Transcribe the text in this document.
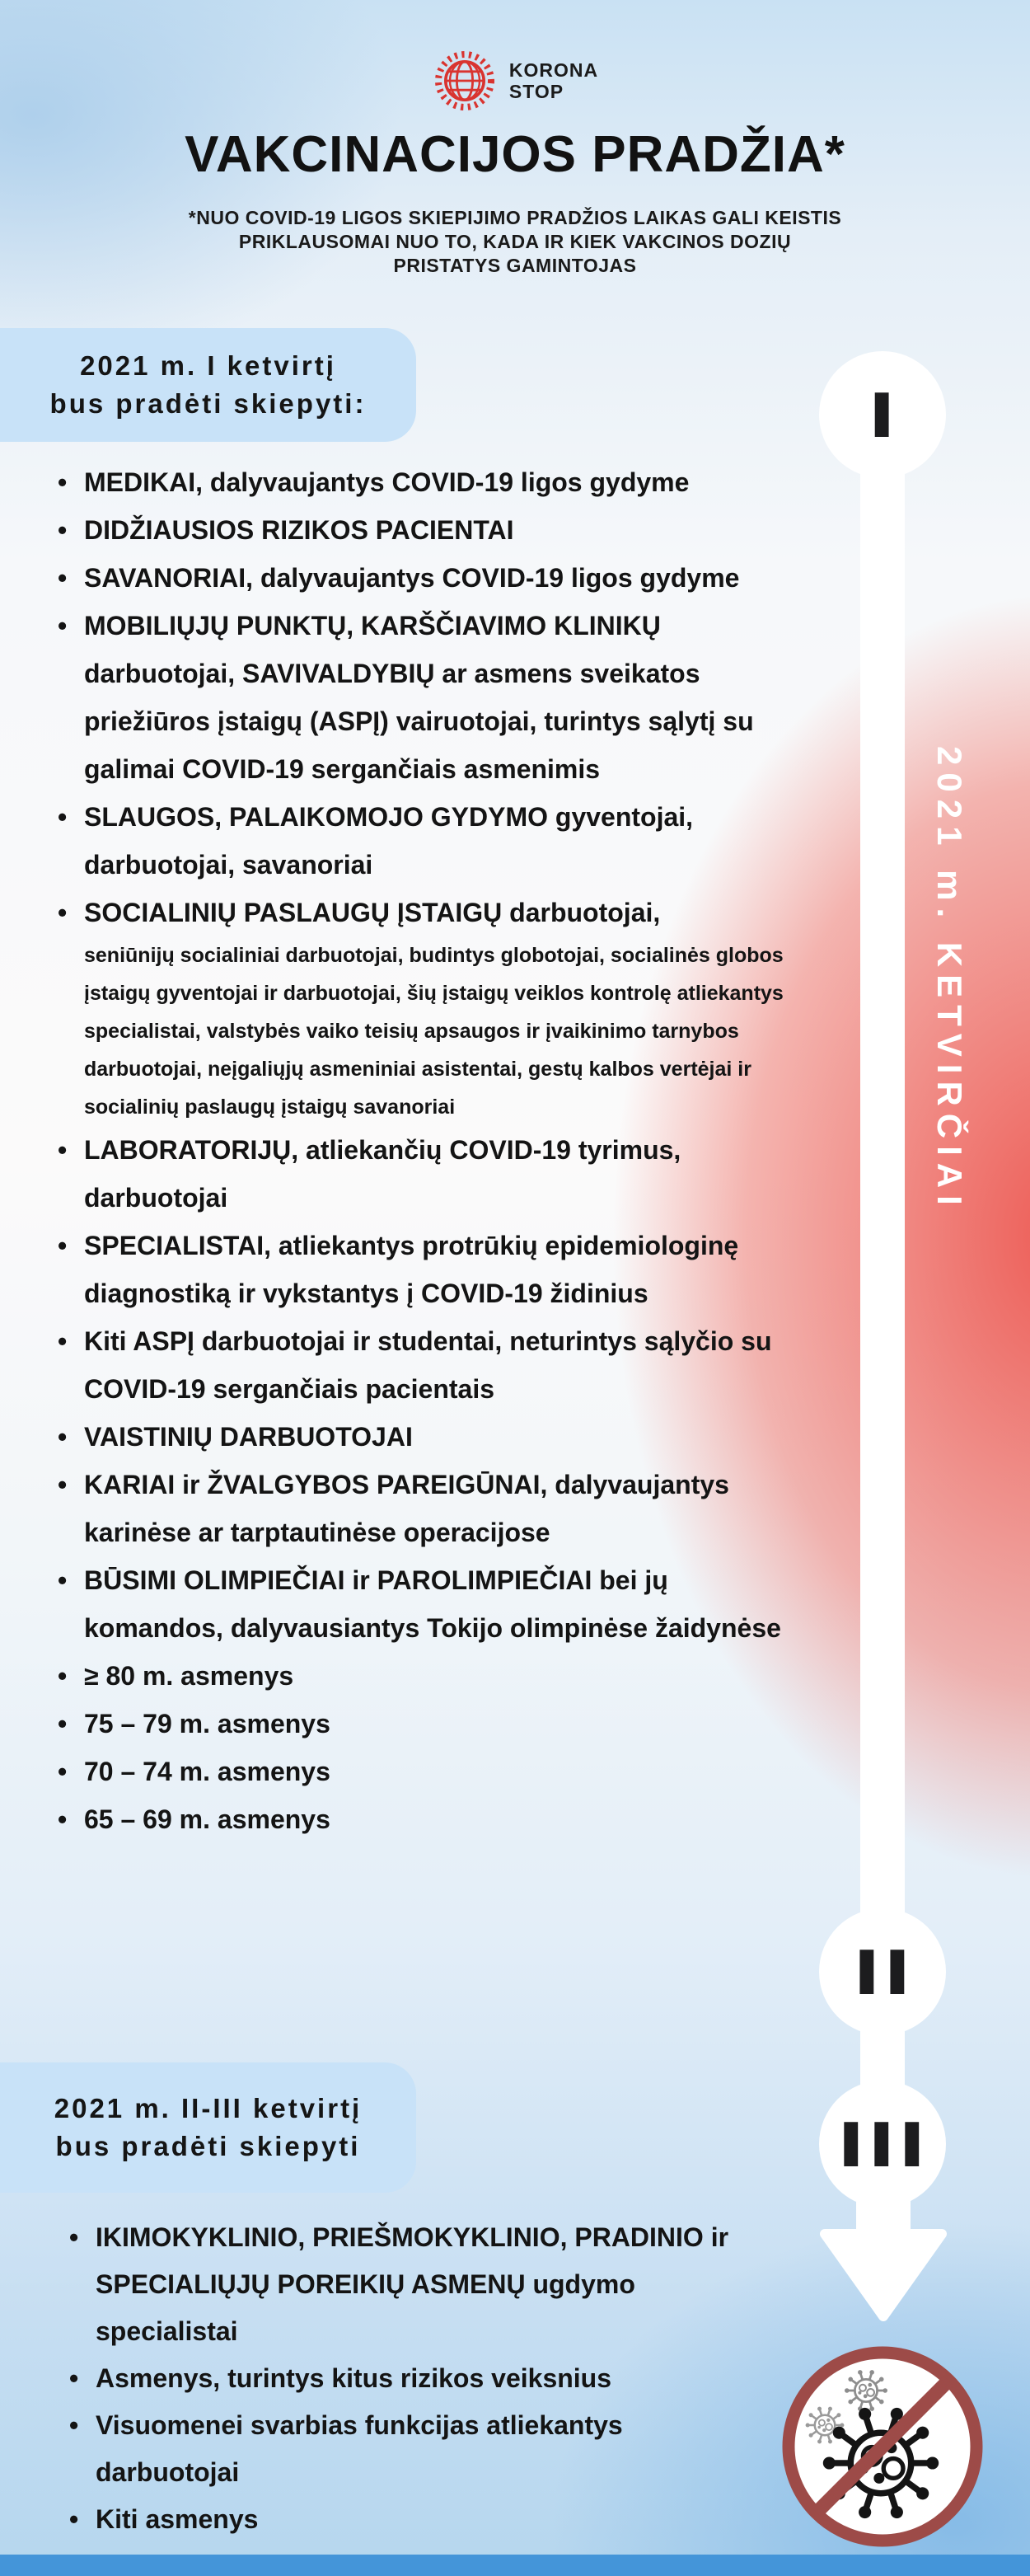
I
II
III
2021 m. KETVIRČIAI
KORONA
STOP
VAKCINACIJOS PRADŽIA*
*NUO COVID-19 LIGOS SKIEPIJIMO PRADŽIOS LAIKAS GALI KEISTIS
PRIKLAUSOMAI NUO TO, KADA IR KIEK VAKCINOS DOZIŲ
PRISTATYS GAMINTOJAS
2021 m. I ketvirtį
bus pradėti skiepyti:
• MEDIKAI, dalyvaujantys COVID-19 ligos gydyme
• DIDŽIAUSIOS RIZIKOS PACIENTAI
• SAVANORIAI, dalyvaujantys COVID-19 ligos gydyme
• MOBILIŲJŲ PUNKTŲ, KARŠČIAVIMO KLINIKŲ darbuotojai, SAVIVALDYBIŲ ar asmens sveikatos priežiūros įstaigų (ASPĮ) vairuotojai, turintys sąlytį su galimai COVID-19 sergančiais asmenimis
• SLAUGOS, PALAIKOMOJO GYDYMO gyventojai, darbuotojai, savanoriai
• SOCIALINIŲ PASLAUGŲ ĮSTAIGŲ darbuotojai,
seniūnijų socialiniai darbuotojai, budintys globotojai, socialinės globos įstaigų gyventojai ir darbuotojai, šių įstaigų veiklos kontrolę atliekantys specialistai, valstybės vaiko teisių apsaugos ir įvaikinimo tarnybos darbuotojai, neįgaliųjų asmeniniai asistentai, gestų kalbos vertėjai ir socialinių paslaugų įstaigų savanoriai
• LABORATORIJŲ, atliekančių COVID-19 tyrimus, darbuotojai
• SPECIALISTAI, atliekantys protrūkių epidemiologinę diagnostiką ir vykstantys į COVID-19 židinius
• Kiti ASPĮ darbuotojai ir studentai, neturintys sąlyčio su COVID-19 sergančiais pacientais
• VAISTINIŲ DARBUOTOJAI
• KARIAI ir ŽVALGYBOS PAREIGŪNAI, dalyvaujantys karinėse ar tarptautinėse operacijose
• BŪSIMI OLIMPIEČIAI ir PAROLIMPIEČIAI bei jų komandos, dalyvausiantys Tokijo olimpinėse žaidynėse
• ≥ 80 m. asmenys
• 75 – 79 m. asmenys
• 70 – 74 m. asmenys
• 65 – 69 m. asmenys
2021 m. II-III ketvirtį
bus pradėti skiepyti
• IKIMOKYKLINIO, PRIEŠMOKYKLINIO, PRADINIO ir SPECIALIŲJŲ POREIKIŲ ASMENŲ ugdymo specialistai
• Asmenys, turintys kitus rizikos veiksnius
• Visuomenei svarbias funkcijas atliekantys darbuotojai
• Kiti asmenys
